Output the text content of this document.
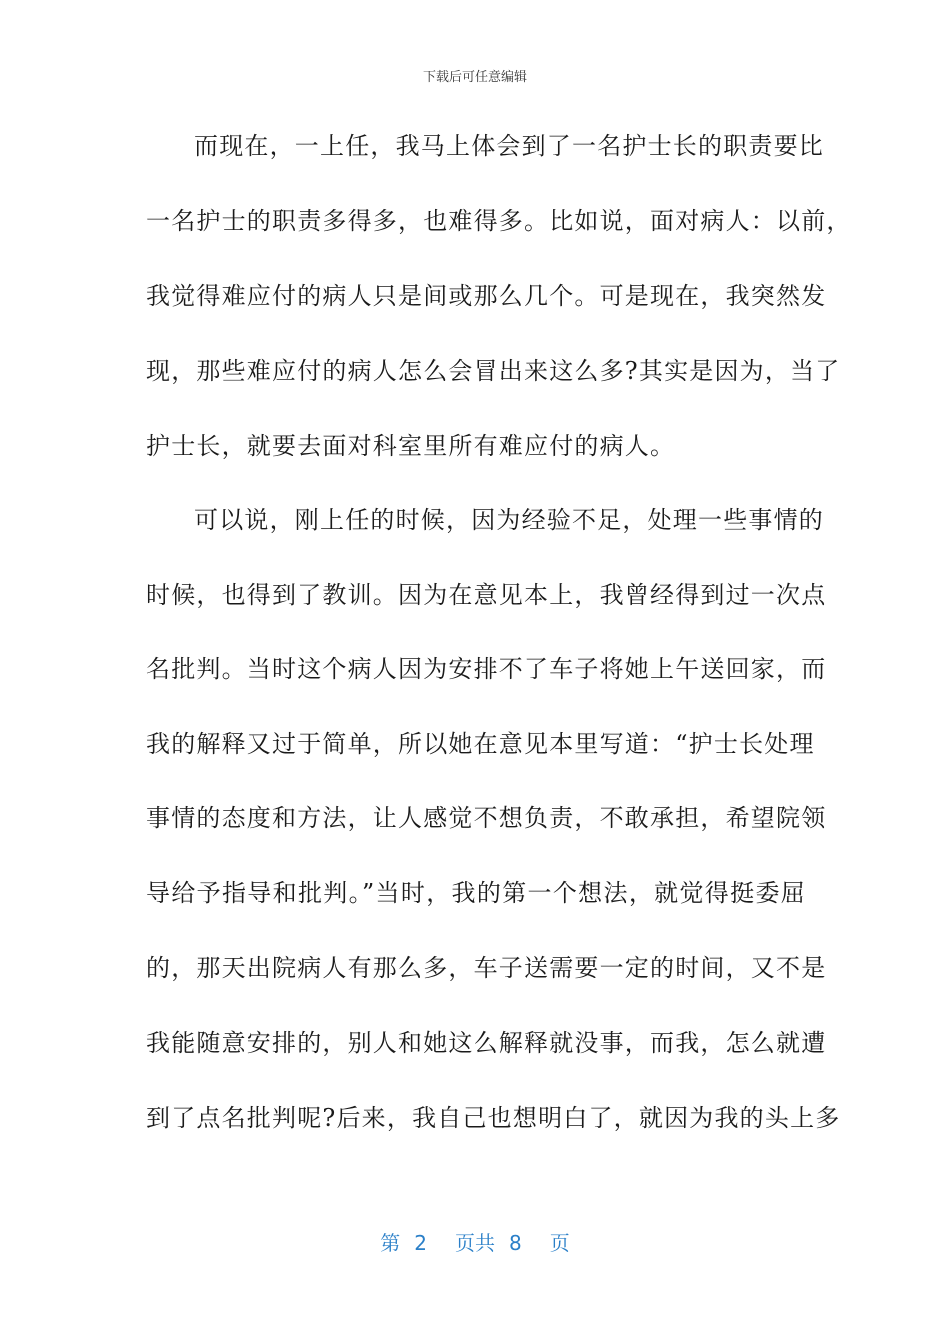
下载后可任意编辑
而现在，一上任，我马上体会到了一名护士长的职责要比
一名护士的职责多得多，也难得多。比如说，面对病人：以前，
我觉得难应付的病人只是间或那么几个。可是现在，我突然发
现，那些难应付的病人怎么会冒出来这么多?其实是因为，当了
护士长，就要去面对科室里所有难应付的病人。
可以说，刚上任的时候，因为经验不足，处理一些事情的
时候，也得到了教训。因为在意见本上，我曾经得到过一次点
名批判。当时这个病人因为安排不了车子将她上午送回家，而
我的解释又过于简单，所以她在意见本里写道：“护士长处理
事情的态度和方法，让人感觉不想负责，不敢承担，希望院领
导给予指导和批判。”当时，我的第一个想法，就觉得挺委屈
的，那天出院病人有那么多，车子送需要一定的时间，又不是
我能随意安排的，别人和她这么解释就没事，而我，怎么就遭
到了点名批判呢?后来，我自己也想明白了，就因为我的头上多
第 2 页共 8 页
